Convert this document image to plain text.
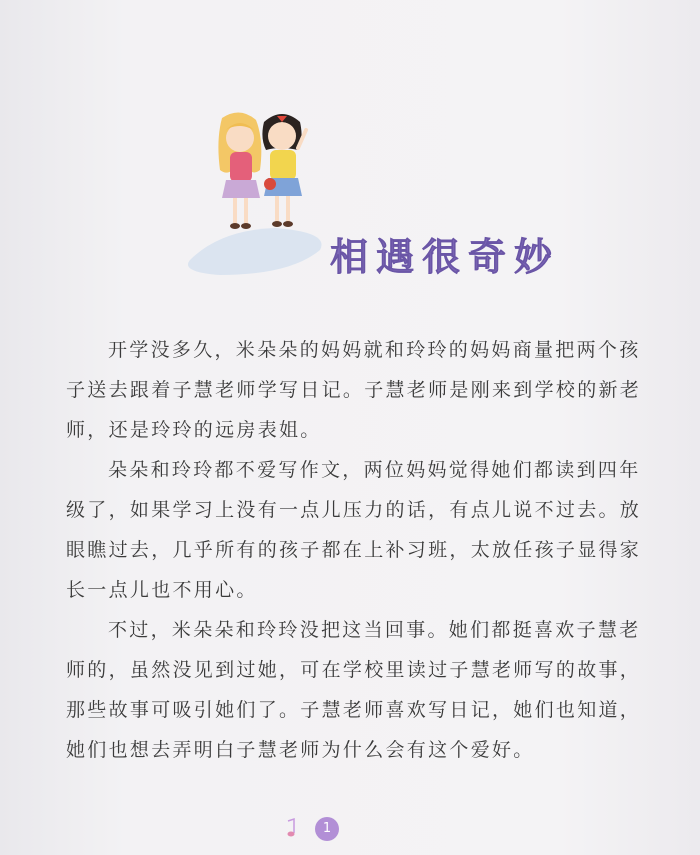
相遇很奇妙

开学没多久，米朵朵的妈妈就和玲玲的妈妈商量把两个孩子送去跟着子慧老师学写日记。子慧老师是刚来到学校的新老师，还是玲玲的远房表姐。

朵朵和玲玲都不爱写作文，两位妈妈觉得她们都读到四年级了，如果学习上没有一点儿压力的话，有点儿说不过去。放眼瞧过去，几乎所有的孩子都在上补习班，太放任孩子显得家长一点儿也不用心。

不过，米朵朵和玲玲没把这当回事。她们都挺喜欢子慧老师的，虽然没见到过她，可在学校里读过子慧老师写的故事，那些故事可吸引她们了。子慧老师喜欢写日记，她们也知道，她们也想去弄明白子慧老师为什么会有这个爱好。

1
